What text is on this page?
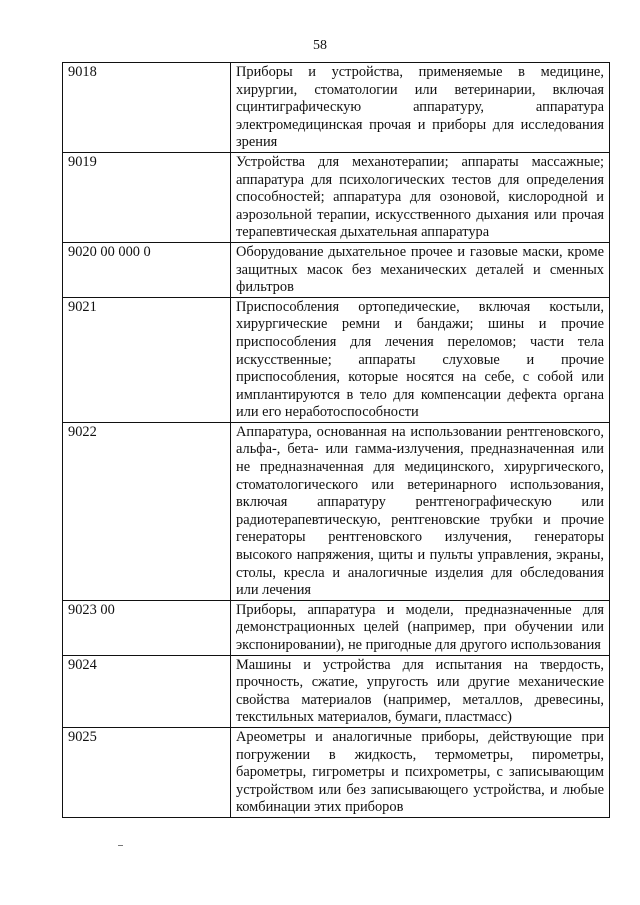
58
9018	Приборы и устройства, применяемые в медицине, хирургии, стоматологии или ветеринарии, включая сцинтиграфическую аппаратуру, аппаратура электромедицинская прочая и приборы для исследования зрения
9019	Устройства для механотерапии; аппараты массажные; аппаратура для психологических тестов для определения способностей; аппаратура для озоновой, кислородной и аэрозольной терапии, искусственного дыхания или прочая терапевтическая дыхательная аппаратура
9020 00 000 0	Оборудование дыхательное прочее и газовые маски, кроме защитных масок без механических деталей и сменных фильтров
9021	Приспособления ортопедические, включая костыли, хирургические ремни и бандажи; шины и прочие приспособления для лечения переломов; части тела искусственные; аппараты слуховые и прочие приспособления, которые носятся на себе, с собой или имплантируются в тело для компенсации дефекта органа или его неработоспособности
9022	Аппаратура, основанная на использовании рентгеновского, альфа-, бета- или гамма-излучения, предназначенная или не предназначенная для медицинского, хирургического, стоматологического или ветеринарного использования, включая аппаратуру рентгенографическую или радиотерапевтическую, рентгеновские трубки и прочие генераторы рентгеновского излучения, генераторы высокого напряжения, щиты и пульты управления, экраны, столы, кресла и аналогичные изделия для обследования или лечения
9023 00	Приборы, аппаратура и модели, предназначенные для демонстрационных целей (например, при обучении или экспонировании), не пригодные для другого использования
9024	Машины и устройства для испытания на твердость, прочность, сжатие, упругость или другие механические свойства материалов (например, металлов, древесины, текстильных материалов, бумаги, пластмасс)
9025	Ареометры и аналогичные приборы, действующие при погружении в жидкость, термометры, пирометры, барометры, гигрометры и психрометры, с записывающим устройством или без записывающего устройства, и любые комбинации этих приборов
